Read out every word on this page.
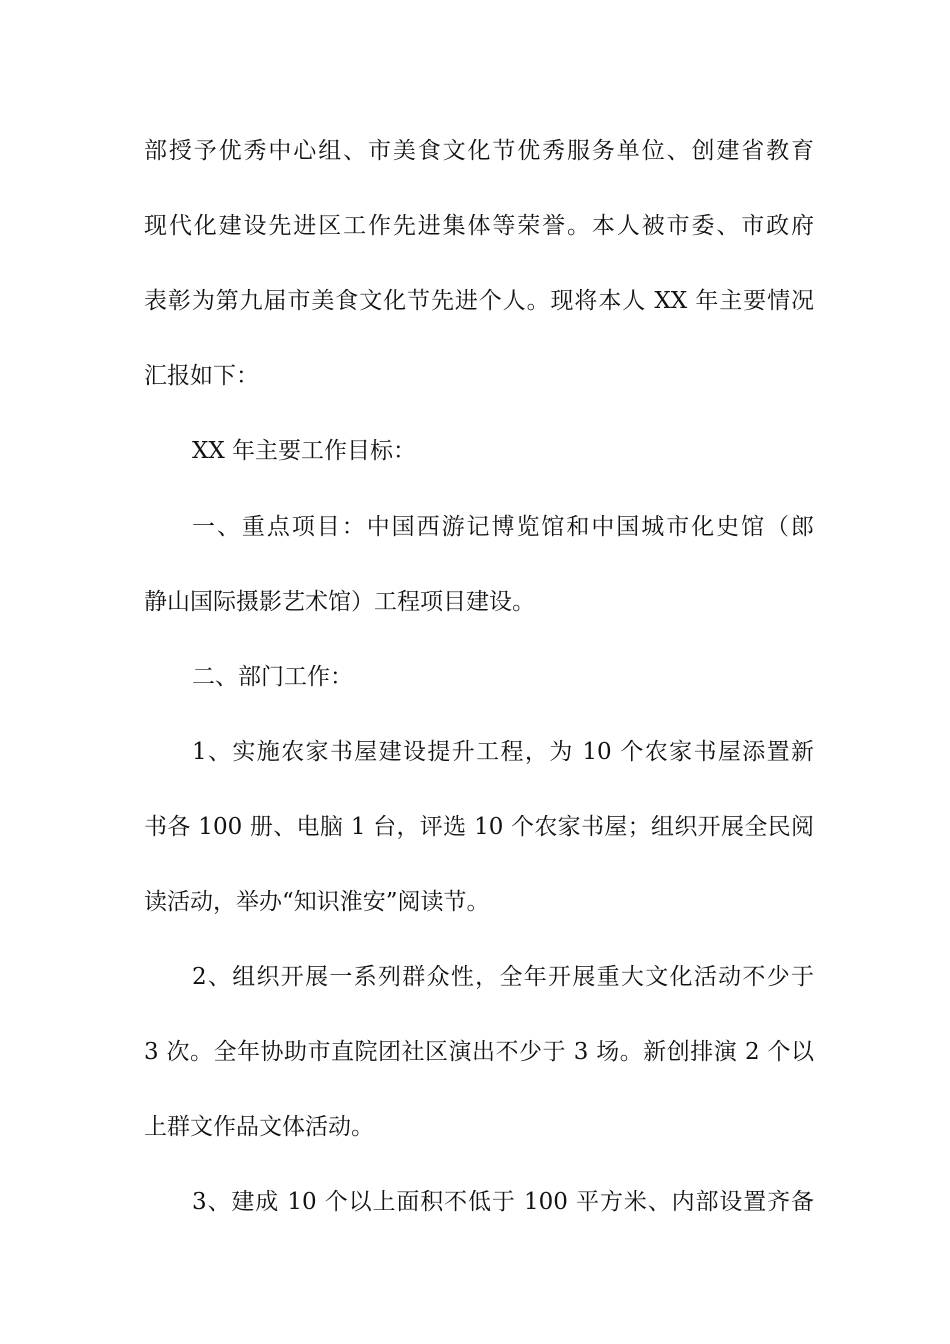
部授予优秀中心组、市美食文化节优秀服务单位、创建省教育

现代化建设先进区工作先进集体等荣誉。本人被市委、市政府

表彰为第九届市美食文化节先进个人。现将本人 XX 年主要情况

汇报如下：

XX 年主要工作目标：

一、重点项目：中国西游记博览馆和中国城市化史馆（郎

静山国际摄影艺术馆）工程项目建设。

二、部门工作：

1、实施农家书屋建设提升工程，为 10 个农家书屋添置新

书各 100 册、电脑 1 台，评选 10 个农家书屋；组织开展全民阅

读活动，举办“知识淮安”阅读节。

2、组织开展一系列群众性，全年开展重大文化活动不少于

3 次。全年协助市直院团社区演出不少于 3 场。新创排演 2 个以

上群文作品文体活动。

3、建成 10 个以上面积不低于 100 平方米、内部设置齐备
